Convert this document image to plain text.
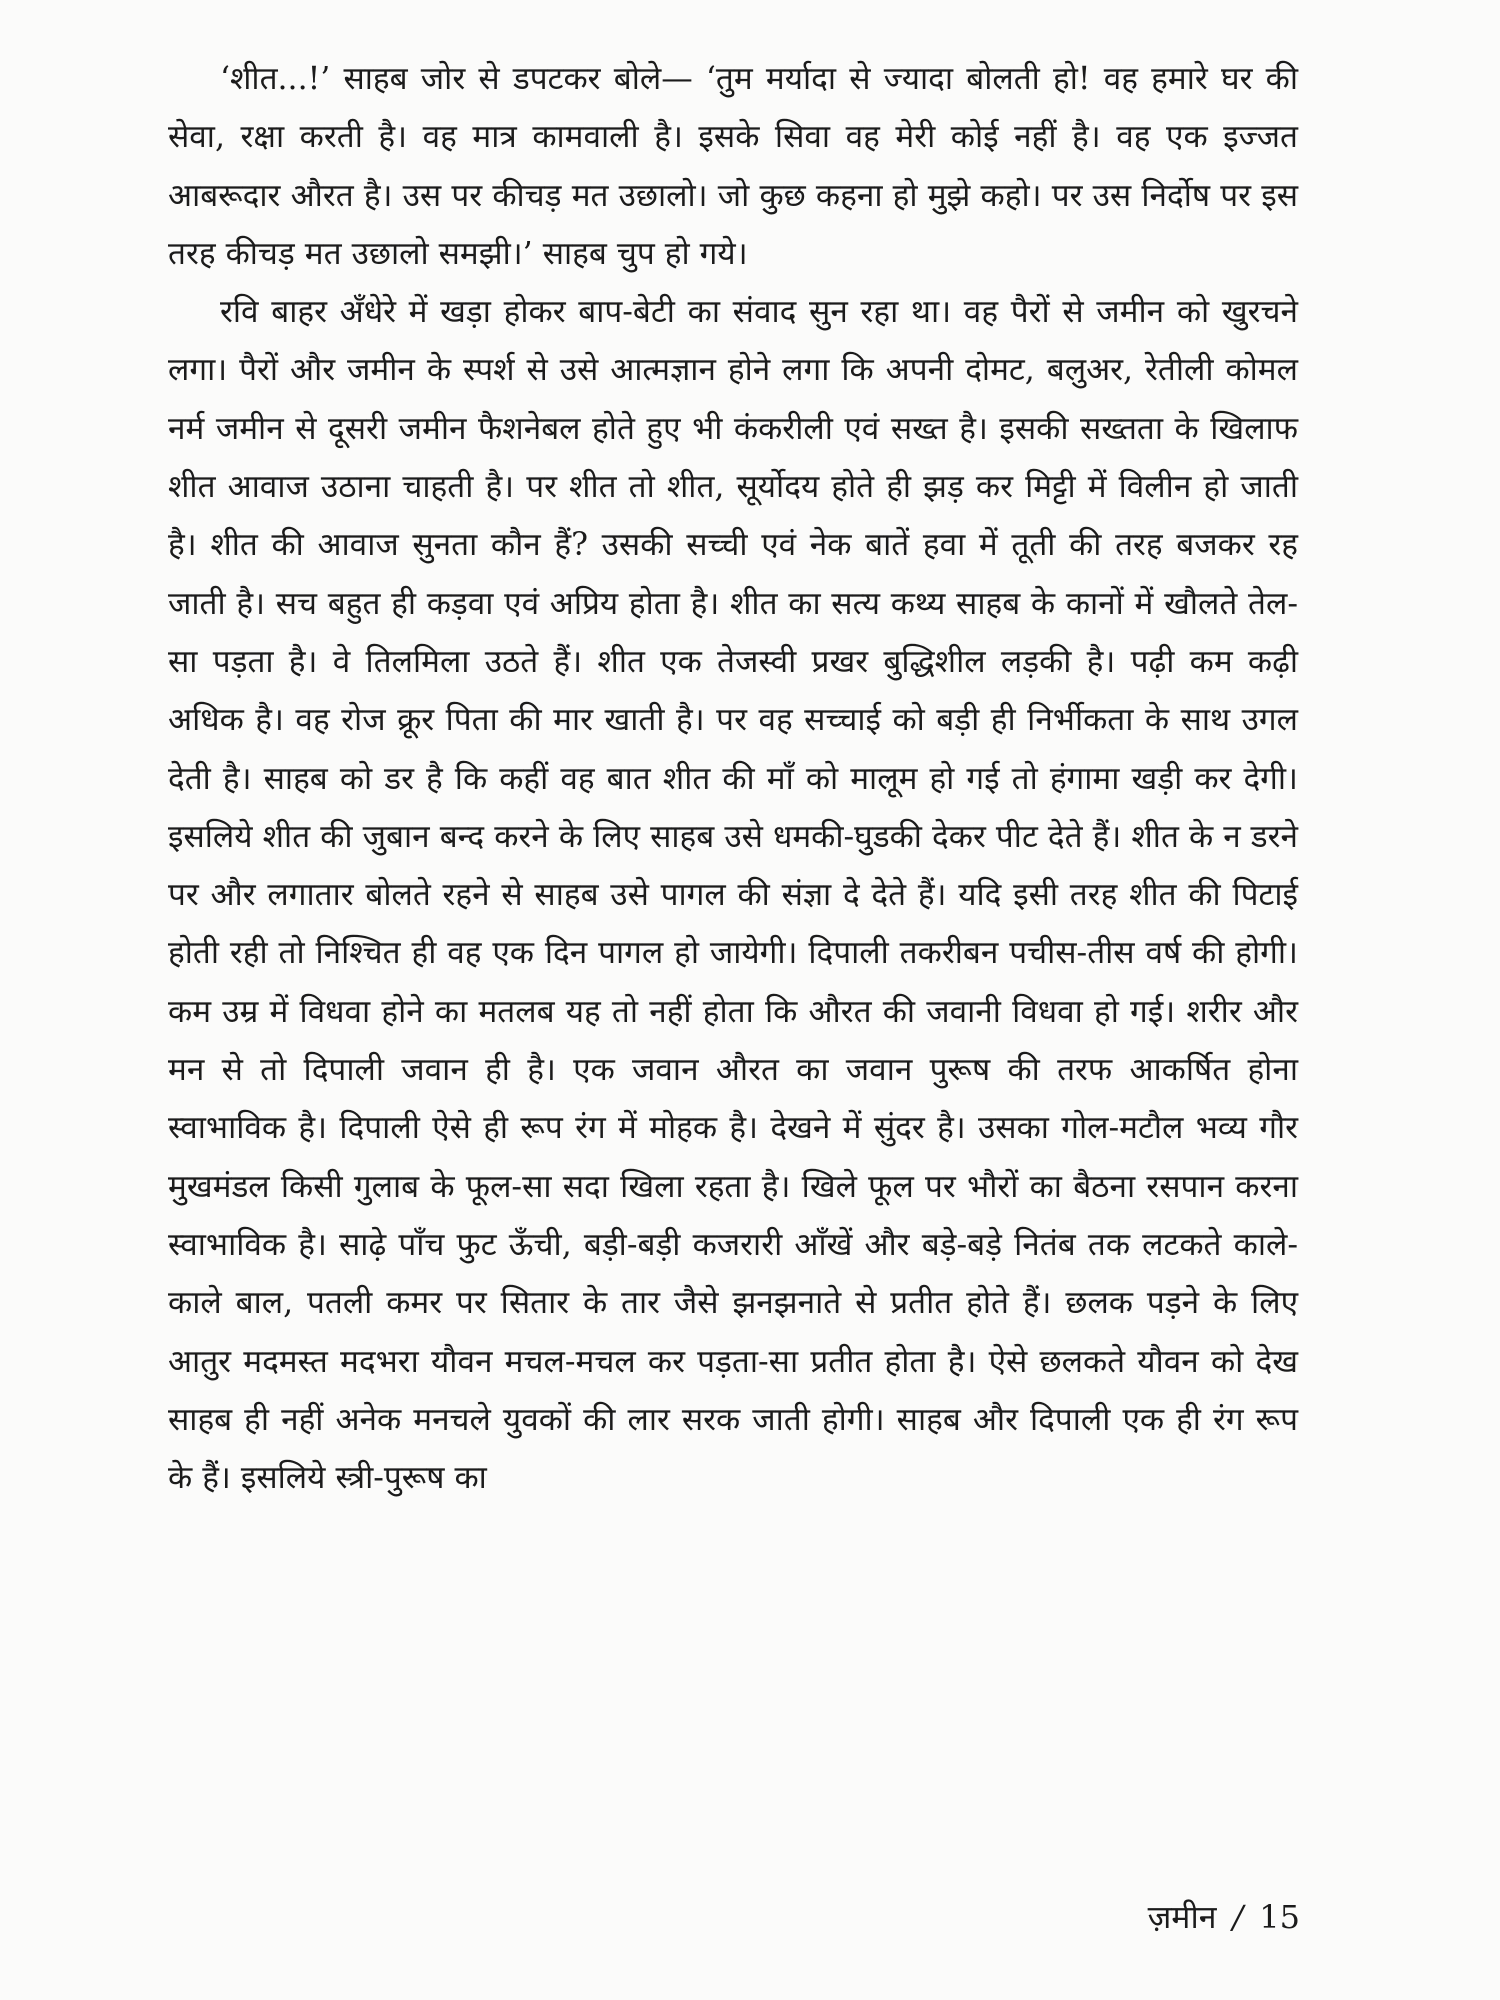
‘शीत...!’ साहब जोर से डपटकर बोले— ‘तुम मर्यादा से ज्यादा बोलती हो! वह हमारे घर की सेवा, रक्षा करती है। वह मात्र कामवाली है। इसके सिवा वह मेरी कोई नहीं है। वह एक इज्जत आबरूदार औरत है। उस पर कीचड़ मत उछालो। जो कुछ कहना हो मुझे कहो। पर उस निर्दोष पर इस तरह कीचड़ मत उछालो समझी।’ साहब चुप हो गये।

रवि बाहर अँधेरे में खड़ा होकर बाप-बेटी का संवाद सुन रहा था। वह पैरों से जमीन को खुरचने लगा। पैरों और जमीन के स्पर्श से उसे आत्मज्ञान होने लगा कि अपनी दोमट, बलुअर, रेतीली कोमल नर्म जमीन से दूसरी जमीन फैशनेबल होते हुए भी कंकरीली एवं सख्त है। इसकी सख्तता के खिलाफ शीत आवाज उठाना चाहती है। पर शीत तो शीत, सूर्योदय होते ही झड़ कर मिट्टी में विलीन हो जाती है। शीत की आवाज सुनता कौन हैं? उसकी सच्ची एवं नेक बातें हवा में तूती की तरह बजकर रह जाती है। सच बहुत ही कड़वा एवं अप्रिय होता है। शीत का सत्य कथ्य साहब के कानों में खौलते तेल-सा पड़ता है। वे तिलमिला उठते हैं। शीत एक तेजस्वी प्रखर बुद्धिशील लड़की है। पढ़ी कम कढ़ी अधिक है। वह रोज क्रूर पिता की मार खाती है। पर वह सच्चाई को बड़ी ही निर्भीकता के साथ उगल देती है। साहब को डर है कि कहीं वह बात शीत की माँ को मालूम हो गई तो हंगामा खड़ी कर देगी। इसलिये शीत की जुबान बन्द करने के लिए साहब उसे धमकी-घुडकी देकर पीट देते हैं। शीत के न डरने पर और लगातार बोलते रहने से साहब उसे पागल की संज्ञा दे देते हैं। यदि इसी तरह शीत की पिटाई होती रही तो निश्चित ही वह एक दिन पागल हो जायेगी। दिपाली तकरीबन पचीस-तीस वर्ष की होगी। कम उम्र में विधवा होने का मतलब यह तो नहीं होता कि औरत की जवानी विधवा हो गई। शरीर और मन से तो दिपाली जवान ही है। एक जवान औरत का जवान पुरूष की तरफ आकर्षित होना स्वाभाविक है। दिपाली ऐसे ही रूप रंग में मोहक है। देखने में सुंदर है। उसका गोल-मटौल भव्य गौर मुखमंडल किसी गुलाब के फूल-सा सदा खिला रहता है। खिले फूल पर भौरों का बैठना रसपान करना स्वाभाविक है। साढ़े पाँच फुट ऊँची, बड़ी-बड़ी कजरारी आँखें और बड़े-बड़े नितंब तक लटकते काले-काले बाल, पतली कमर पर सितार के तार जैसे झनझनाते से प्रतीत होते हैं। छलक पड़ने के लिए आतुर मदमस्त मदभरा यौवन मचल-मचल कर पड़ता-सा प्रतीत होता है। ऐसे छलकते यौवन को देख साहब ही नहीं अनेक मनचले युवकों की लार सरक जाती होगी। साहब और दिपाली एक ही रंग रूप के हैं। इसलिये स्त्री-पुरूष का

ज़मीन / 15
